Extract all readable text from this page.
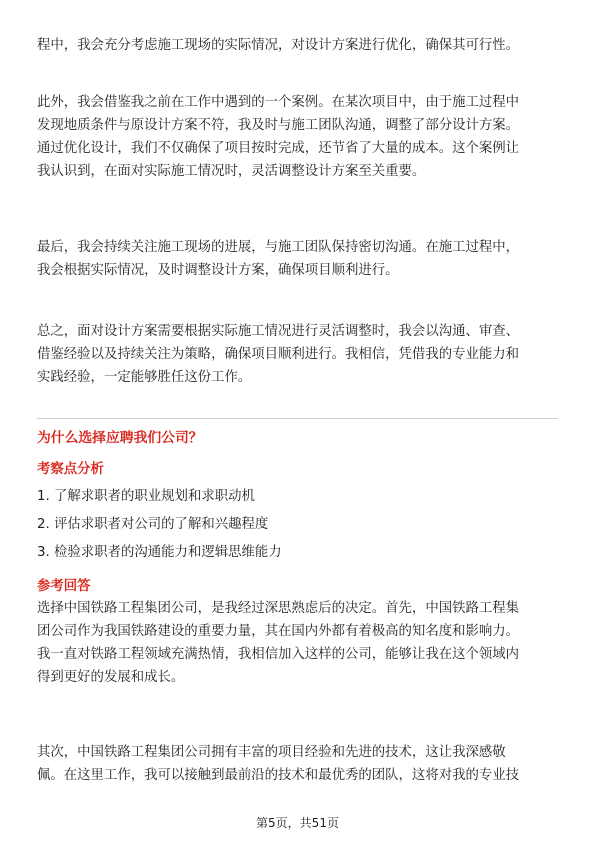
程中，我会充分考虑施工现场的实际情况，对设计方案进行优化，确保其可行性。
此外，我会借鉴我之前在工作中遇到的一个案例。在某次项目中，由于施工过程中
发现地质条件与原设计方案不符，我及时与施工团队沟通，调整了部分设计方案。
通过优化设计，我们不仅确保了项目按时完成，还节省了大量的成本。这个案例让
我认识到，在面对实际施工情况时，灵活调整设计方案至关重要。
最后，我会持续关注施工现场的进展，与施工团队保持密切沟通。在施工过程中，
我会根据实际情况，及时调整设计方案，确保项目顺利进行。
总之，面对设计方案需要根据实际施工情况进行灵活调整时，我会以沟通、审查、
借鉴经验以及持续关注为策略，确保项目顺利进行。我相信，凭借我的专业能力和
实践经验，一定能够胜任这份工作。
为什么选择应聘我们公司？
考察点分析
1. 了解求职者的职业规划和求职动机
2. 评估求职者对公司的了解和兴趣程度
3. 检验求职者的沟通能力和逻辑思维能力
参考回答
选择中国铁路工程集团公司，是我经过深思熟虑后的决定。首先，中国铁路工程集
团公司作为我国铁路建设的重要力量，其在国内外都有着极高的知名度和影响力。
我一直对铁路工程领域充满热情，我相信加入这样的公司，能够让我在这个领域内
得到更好的发展和成长。
其次，中国铁路工程集团公司拥有丰富的项目经验和先进的技术，这让我深感敬
佩。在这里工作，我可以接触到最前沿的技术和最优秀的团队，这将对我的专业技
第5页，共51页
